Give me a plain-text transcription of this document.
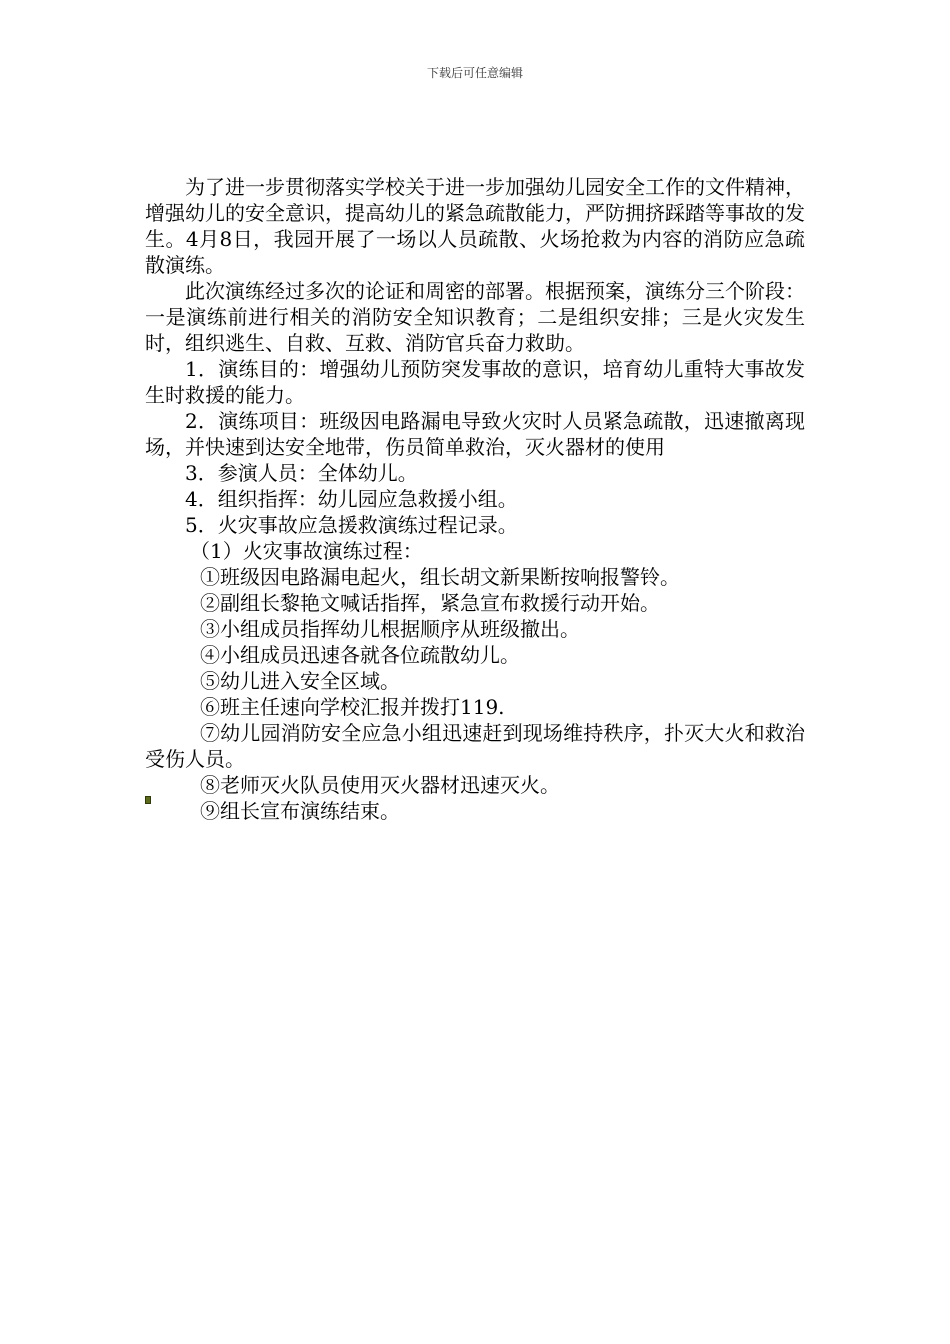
下载后可任意编辑

为了进一步贯彻落实学校关于进一步加强幼儿园安全工作的文件精神，增强幼儿的安全意识，提高幼儿的紧急疏散能力，严防拥挤踩踏等事故的发生。4月8日，我园开展了一场以人员疏散、火场抢救为内容的消防应急疏散演练。

此次演练经过多次的论证和周密的部署。根据预案，演练分三个阶段：一是演练前进行相关的消防安全知识教育；二是组织安排；三是火灾发生时，组织逃生、自救、互救、消防官兵奋力救助。

1．演练目的：增强幼儿预防突发事故的意识，培育幼儿重特大事故发生时救援的能力。

2．演练项目：班级因电路漏电导致火灾时人员紧急疏散，迅速撤离现场，并快速到达安全地带，伤员简单救治，灭火器材的使用

3．参演人员：全体幼儿。

4．组织指挥：幼儿园应急救援小组。

5．火灾事故应急援救演练过程记录。

（1）火灾事故演练过程：

①班级因电路漏电起火，组长胡文新果断按响报警铃。

②副组长黎艳文喊话指挥，紧急宣布救援行动开始。

③小组成员指挥幼儿根据顺序从班级撤出。

④小组成员迅速各就各位疏散幼儿。

⑤幼儿进入安全区域。

⑥班主任速向学校汇报并拨打119.

⑦幼儿园消防安全应急小组迅速赶到现场维持秩序，扑灭大火和救治受伤人员。

⑧老师灭火队员使用灭火器材迅速灭火。

⑨组长宣布演练结束。
